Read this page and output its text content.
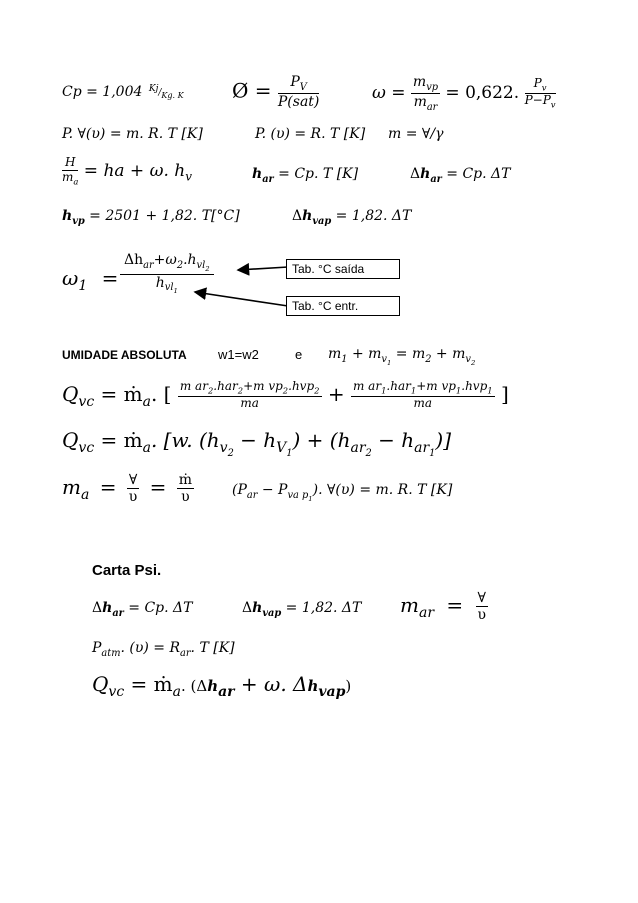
Cp = 1,004 $^{Kj}/_{Kg. K}$ Ø = $\frac{P_V}{\text{P(sat)}}$	$\omega = \frac{m_{vp}}{m_{ar}} = 0,622$. $\frac{P_v}{P-P_v}$
P. ∀(υ) = m. R. T [K]	P. (υ) = R. T [K] m = ∀/γ
$\frac{H}{m_a}$ = ha + ω. $h_v$	$h_{ar} = Cp$. T [K]	$\Delta h_{ar} = Cp$. ΔT
$h_{vp} = 2501 + 1,82$. T[°C]	$\Delta h_{vap} = 1,82$. ΔT
$\omega_1$ =
$\Delta h_{ar}+\omega_2.h_{vl_2}$
$h_{vl_1}$
Tab. °C saída
Tab. °C entr.
UMIDADE ABSOLUTA w1=w2	e $m_1 + m_{v_1} = m_2 + m_{v_2}$
$Q_{vc}$ = ṁ$_a$. [ $\frac{m ar_2.har_2+m vp_2.hvp_2}{ma} + \frac{m ar_1.har_1+m vp_1.hvp_1}{ma}$ ]
$Q_{vc}$ = ṁ$_a$. [w. $(h_{v_2} - h_{V_1}) + (h_{ar_2} - h_{ar_1})$]
$m_a = \frac{\forall}{\upsilon} = \frac{\text{ṁ}}{\upsilon}$	$(P_{ar} - P_{va p_1})$. ∀(υ) = m. R. T [K]
Carta Psi.
$\Delta h_{ar} = Cp$. ΔT	$\Delta h_{vap} = 1,82$. ΔT $m_{ar} = \frac{\forall}{\upsilon}$
$P_{atm}$. $(\upsilon) = R_{ar}$. T [K]
$Q_{vc}$ = ṁ$_a$. ($\Delta h_{ar} + \omega$. $\Delta h_{vap}$)
